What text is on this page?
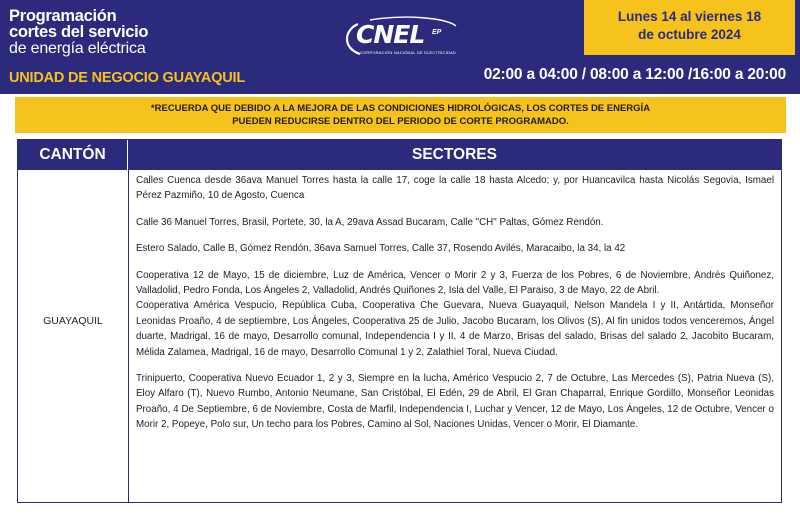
Programación
cortes del servicio
de energía eléctrica
UNIDAD DE NEGOCIO GUAYAQUIL
CNEL EP
CORPORACIÓN NACIONAL DE ELECTRICIDAD
Lunes 14 al viernes 18
de octubre 2024
02:00 a 04:00 / 08:00 a 12:00 /16:00 a 20:00
*RECUERDA QUE DEBIDO A LA MEJORA DE LAS CONDICIONES HIDROLÓGICAS, LOS CORTES DE ENERGÍA
PUEDEN REDUCIRSE DENTRO DEL PERIODO DE CORTE PROGRAMADO.
CANTÓN	SECTORES
GUAYAQUIL
Calles Cuenca desde 36ava Manuel Torres hasta la calle 17, coge la calle 18 hasta Alcedo; y, por Huancavilca hasta Nicolás Segovia, Ismael Pérez Pazmiño, 10 de Agosto, Cuenca
Calle 36 Manuel Torres, Brasil, Portete, 30, la A, 29ava Assad Bucaram, Calle "CH" Paltas, Gómez Rendón.
Estero Salado, Calle B, Gómez Rendón, 36ava Samuel Torres, Calle 37, Rosendo Avilés, Maracaibo, la 34, la 42
Cooperativa 12 de Mayo, 15 de diciembre, Luz de América, Vencer o Morir 2 y 3, Fuerza de los Pobres, 6 de Noviembre, Andrés Quiñonez, Valladolid, Pedro Fonda, Los Ángeles 2, Valladolid, Andrés Quiñones 2, Isla del Valle, El Paraiso, 3 de Mayo, 22 de Abril.
Cooperativa América Vespucio, República Cuba, Cooperativa Che Guevara, Nueva Guayaquil, Nelson Mandela I y II, Antártida, Monseñor Leonidas Proaño, 4 de septiembre, Los Ángeles, Cooperativa 25 de Julio, Jacobo Bucaram, los Olivos (S), Al fin unidos todos venceremos, Ángel duarte, Madrigal, 16 de mayo, Desarrollo comunal, Independencia I y II, 4 de Marzo, Brisas del salado, Brisas del salado 2, Jacobito Bucaram, Mélida Zalamea, Madrigal, 16 de mayo, Desarrollo Comunal 1 y 2, Zalathiel Toral, Nueva Ciudad.
Trinipuerto, Cooperativa Nuevo Ecuador 1, 2 y 3, Siempre en la lucha, Américo Vespucio 2, 7 de Octubre, Las Mercedes (S), Patria Nueva (S), Eloy Alfaro (T), Nuevo Rumbo, Antonio Neumane, San Cristóbal, El Edén, 29 de Abril, El Gran Chaparral, Enrique Gordillo, Monseñor Leonidas Proaño, 4 De Septiembre, 6 de Noviembre, Costa de Marfil, Independencia I, Luchar y Vencer, 12 de Mayo, Los Ángeles, 12 de Octubre, Vencer o Morir 2, Popeye, Polo sur, Un techo para los Pobres, Camino al Sol, Naciones Unidas, Vencer o Morir, El Diamante.
